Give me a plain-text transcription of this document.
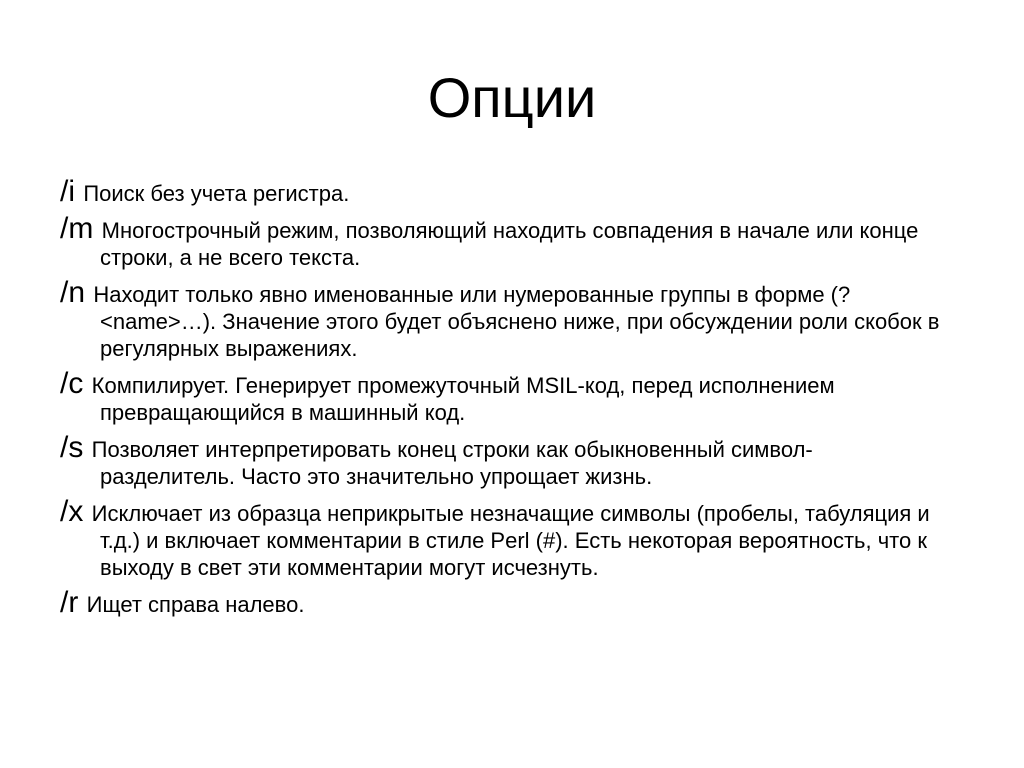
Опции
/i Поиск без учета регистра.
/m Многострочный режим, позволяющий находить совпадения в начале или конце строки, а не всего текста.
/n Находит только явно именованные или нумерованные группы в форме (?<name>…). Значение этого будет объяснено ниже, при обсуждении роли скобок в регулярных выражениях.
/c Компилирует. Генерирует промежуточный MSIL-код, перед исполнением превращающийся в машинный код.
/s Позволяет интерпретировать конец строки как обыкновенный символ-разделитель. Часто это значительно упрощает жизнь.
/x Исключает из образца неприкрытые незначащие символы (пробелы, табуляция и т.д.) и включает комментарии в стиле Perl (#). Есть некоторая вероятность, что к выходу в свет эти комментарии могут исчезнуть.
/r Ищет справа налево.
